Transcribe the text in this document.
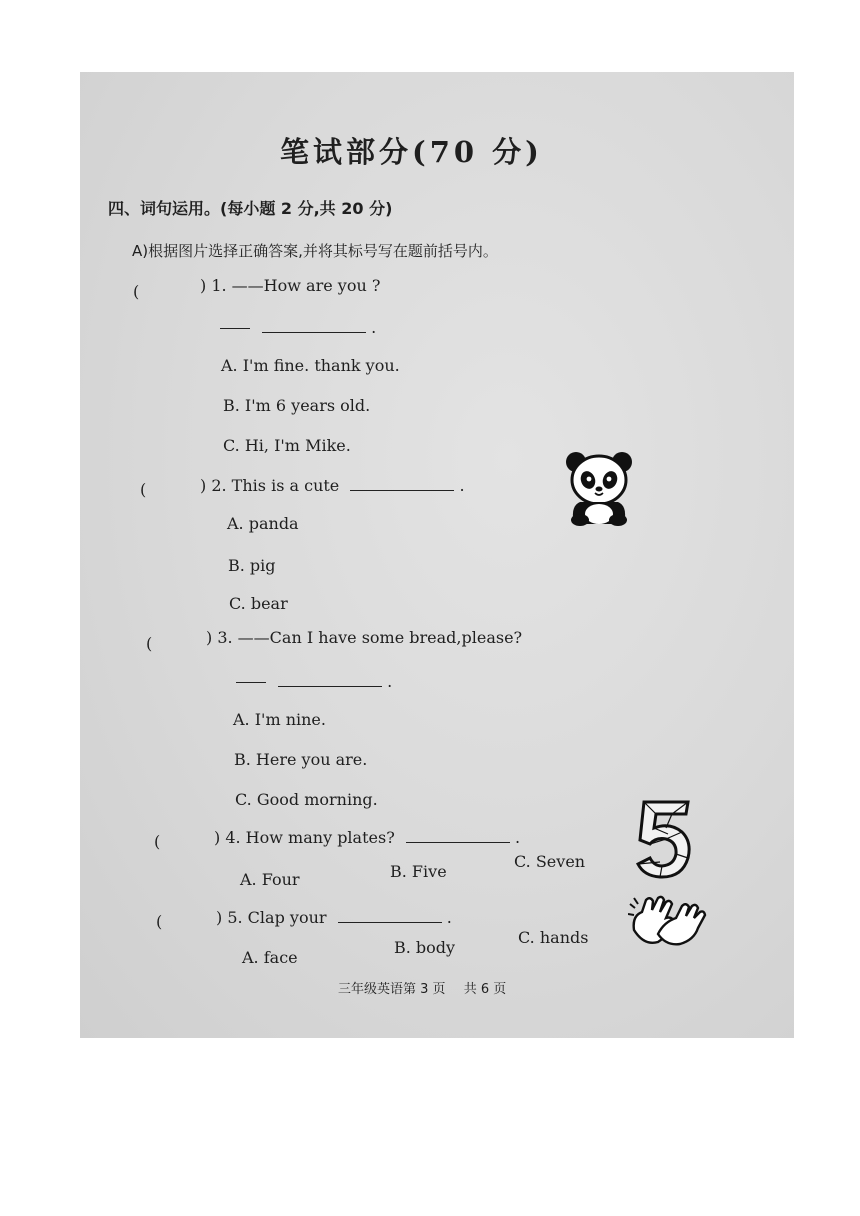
笔试部分(70 分)
四、词句运用。(每小题 2 分,共 20 分)
A)根据图片选择正确答案,并将其标号写在题前括号内。
(	) 1. ——How are you ?
.
A. I'm fine. thank you.
B. I'm 6 years old.
C. Hi, I'm Mike.
(	) 2. This is a cute	.
A. panda
B. pig
C. bear
(	) 3. ——Can I have some bread,please?
.
A. I'm nine.
B. Here you are.
C. Good morning.
(	) 4. How many plates?	.
A. Four	B. Five
C. Seven
(	) 5. Clap your	.
A. face
B. body
C. hands
三年级英语第 3 页 共 6 页
